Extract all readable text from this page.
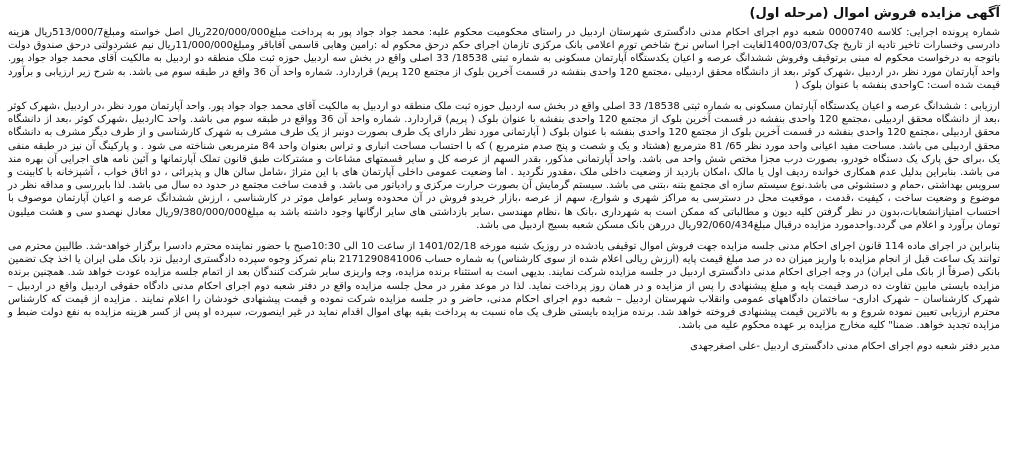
آگهی مزایده فروش اموال (مرحله اول)

شماره پرونده اجرایی: کلاسه 0000740 شعبه دوم اجرای احکام مدنی دادگستری شهرستان اردبیل در راستای محکومیت محکوم علیه: محمد جواد جواد پور به پرداخت مبلغ220/000/000ریال اصل خواسته ومبلغ513/000/7ریال هزینه دادرسی وخسارات تاخیر تادیه از تاریخ چک1400/03/07لغایت اجرا اساس نرخ شاخص تورم اعلامی بانک مرکزی تازمان اجرای حکم درحق محکوم له :رامین وهابی قاسمی آقاباقر ومبلغ11/000/000ریال نیم عشردولتی درحق صندوق دولت باتوجه به درخواست محکوم له مبنی برتوقیف وفروش ششدانگ عرصه و اعیان یکدستگاه آپارتمان مسکونی به شماره ثبتی 18538/ 33 اصلی واقع در بخش سه اردبیل حوزه ثبت ملک منطقه دو اردبیل به مالکیت آقای محمد جواد جواد پور. واحد آپارتمان مورد نظر ،در اردبیل ،شهرک کوثر ،بعد از دانشگاه محقق اردبیلی ،مجتمع 120 واحدی بنفشه در قسمت آخرین بلوک از مجتمع 120 پریم) قراردارد. شماره واحد آن 36 واقع در طبقه سوم می باشد. به شرح زیر ارزیابی و برآورد قیمت شده است: Cواحدی بنفشه با عنوان بلوک (

ارزیابی : ششدانگ عرصه و اعیان یکدستگاه آپارتمان مسکونی به شماره ثبتی 18538/ 33 اصلی واقع در بخش سه اردبیل حوزه ثبت ملک منطقه دو اردبیل به مالکیت آقای محمد جواد جواد پور. واحد آپارتمان مورد نظر ،در اردبیل ،شهرک کوثر ،بعد از دانشگاه محقق اردبیلی ،مجتمع 120 واحدی بنفشه در قسمت آخرین بلوک از مجتمع 120 واحدی بنفشه با عنوان بلوک ( پریم) قراردارد. شماره واحد آن 36 وواقع در طبقه سوم می باشد. واحد Cاردبیل ،شهرک کوثر ،بعد از دانشگاه محقق اردبیلی ،مجتمع 120 واحدی بنفشه در قسمت آخرین بلوک از مجتمع 120 واحدی بنفشه با عنوان بلوک ( آپارتمانی مورد نظر دارای یک طرف بصورت دونبر از یک طرف مشرف به شهرک کارشناسی و از طرف دیگر مشرف به دانشگاه محقق اردبیلی می باشد. مساحت مفید اعیانی واحد مورد نظر 65/ 81 مترمربع (هشتاد و یک و شصت و پنج صدم مترمربع ) که با احتساب مساحت انباری و تراس بعنوان واحد 84 مترمربعی شناخته می شود . و پارکینگ آن نیز در طبقه منفی یک ،برای حق پارک یک دستگاه خودرو، بصورت درب مجزا مختص شش واحد می باشد. واحد آپارتمانی مذکور، بقدر السهم از عرصه کل و سایر قسمتهای مشاعات و مشترکات طبق قانون تملک آپارتمانها و آئین نامه های اجرایی آن بهره مند می باشد. بنابراین بدلیل عدم همکاری خوانده ردیف اول یا مالک ،امکان بازدید از وضعیت داخلی ملک ،مقدور نگردید . اما وضعیت عمومی داخلی آپارتمان های با این متراژ ،شامل سالن هال و پذیرائی ، دو اتاق خواب ، آشپزخانه با کابینت و سرویس بهداشتی ،حمام و دستشوئی می باشد.نوع سیستم سازه ای مجتمع بتنه ،بتنی می باشد. سیستم گرمایش آن بصورت حرارت مرکزی و رادیاتور می باشد. و قدمت ساخت مجتمع در حدود ده سال می باشد. لذا بابررسی و مداقه نظر در موضوع و وضعیت ساخت ، کیفیت ،قدمت ، موقعیت محل در دسترسی به مراکز شهری و شوارع، سهم از عرصه ،بازار خریدو فروش در آن محدوده وسایر عوامل موثر در کارشناسی ، ارزش ششدانگ عرصه و اعیان آپارتمان موصوف با احتساب امتیازانشعابات،بدون در نظر گرفتن کلیه دیون و مطالباتی که ممکن است به شهرداری ،بانک ها ،نظام مهندسی ،سایر بازداشتی های سایر ارگانها وجود داشته باشد به مبلغ9/380/000/000ریال معادل نهصدو سی و هشت میلیون تومان برآورد و اعلام می گردد.واحدمورد مزایده درقبال مبلغ92/060/434ریال دررهن بانک مسکن شعبه بسیج اردبیل می باشد.

بنابراین در اجرای ماده 114 قانون اجرای احکام مدنی جلسه مزایده جهت فروش اموال توقیفی یادشده در روزیک شنبه مورخه 1401/02/18 از ساعت 10 الی 10:30صبح با حضور نماینده محترم دادسرا برگزار خواهد-شد. طالبین محترم می توانند یک ساعت قبل از انجام مزایده با واریز میزان ده در صد مبلغ قیمت پایه (ارزش ریالی اعلام شده از سوی کارشناس) به شماره حساب 2171290841006 بنام تمرکز وجوه سپرده دادگستری اردبیل نزد بانک ملی ایران یا اخذ چک تضمین بانکی (صرفاً از بانک ملی ایران) در وجه اجرای احکام مدنی دادگستری اردبیل در جلسه مزایده شرکت نمایند. بدیهی است به استثناء برنده مزایده، وجه واریزی سایر شرکت کنندگان بعد از اتمام جلسه مزایده عودت خواهد شد. همچنین برنده مزایده بایستی مابین تفاوت ده درصد قیمت پایه و مبلغ پیشنهادی را پس از مزایده و در همان روز پرداخت نماید. لذا در موعد مقرر در محل جلسه مزایده واقع در دفتر شعبه دوم اجرای احکام مدنی دادگاه حقوقی اردبیل واقع در اردبیل – شهرک کارشناسان – شهرک اداری- ساختمان دادگاههای عمومی وانقلاب شهرستان اردبیل – شعبه دوم اجرای احکام مدنی، حاضر و در جلسه مزایده شرکت نموده و قیمت پیشنهادی خودشان را اعلام نمایند . مزایده از قیمت که کارشناس محترم ارزیابی تعیین نموده شروع و به بالاترین قیمت پیشنهادی فروخته خواهد شد. برنده مزایده بایستی ظرف یک ماه نسبت به پرداخت بقیه بهای اموال اقدام نماید در غیر اینصورت، سپرده او پس از کسر هزینه مزایده به نفع دولت ضبط و مزایده تجدید خواهد. ضمنا" کلیه مخارج مزایده بر عهده محکوم علیه می باشد.

مدیر دفتر شعبه دوم اجرای احکام مدنی دادگستری اردبیل -علی اصغرجهدی
